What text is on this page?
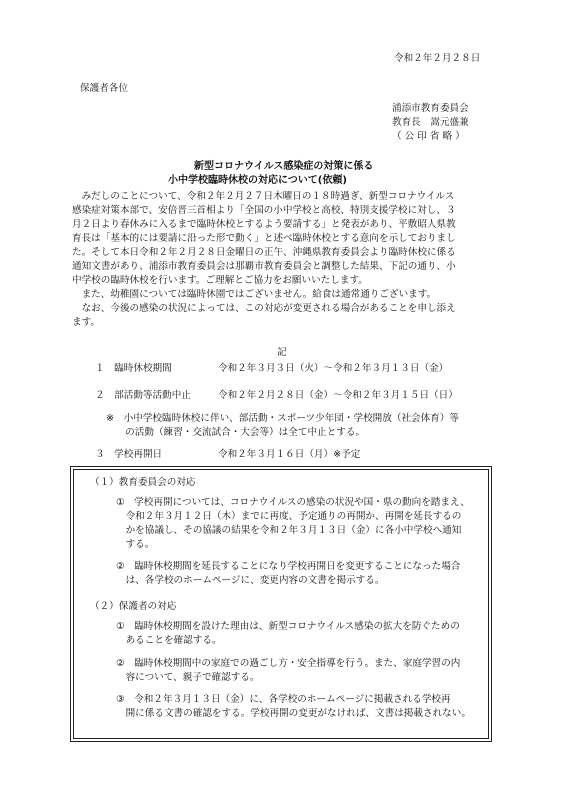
令和２年２月２８日
保護者各位
浦添市教育委員会
教育長　嵩元盛兼
（ 公 印 省 略 ）
新型コロナウイルス感染症の対策に係る
小中学校臨時休校の対応について(依頼)
　みだしのことについて、令和２年２月２７日木曜日の１８時過ぎ、新型コロナウイルス
感染症対策本部で、安倍晋三首相より「全国の小中学校と高校、特別支援学校に対し、３
月２日より春休みに入るまで臨時休校とするよう要請する」と発表があり、平敷昭人県教
育長は「基本的には要請に沿った形で動く」と述べ臨時休校とする意向を示しておりまし
た。そして本日令和２年２月２８日金曜日の正午、沖縄県教育委員会より臨時休校に係る
通知文書があり、浦添市教育委員会は那覇市教育委員会と調整した結果、下記の通り、小
中学校の臨時休校を行います。ご理解とご協力をお願いいたします。
　また、幼稚園については臨時休園ではございません。給食は通常通りございます。
　なお、今後の感染の状況によっては、この対応が変更される場合があることを申し添え
ます。
記
１　臨時休校期間	令和２年３月３日（火）～令和２年３月１３日（金）
２　部活動等活動中止	令和２年２月２８日（金）～令和２年３月１５日（日）
※　小中学校臨時休校に伴い、部活動・スポーツ少年団・学校開放（社会体育）等
　　の活動（練習・交流試合・大会等）は全て中止とする。
３　学校再開日	令和２年３月１６日（月）※予定
（１）教育委員会の対応
①　学校再開については、コロナウイルスの感染の状況や国・県の動向を踏まえ、
　令和２年３月１２日（木）までに再度、予定通りの再開か、再開を延長するの
　かを協議し、その協議の結果を令和２年３月１３日（金）に各小中学校へ通知
　する。
②　臨時休校期間を延長することになり学校再開日を変更することになった場合
　は、各学校のホームページに、変更内容の文書を掲示する。
（２）保護者の対応
①　臨時休校期間を設けた理由は、新型コロナウイルス感染の拡大を防ぐための
　あることを確認する。
②　臨時休校期間中の家庭での過ごし方・安全指導を行う。また、家庭学習の内
　容について、親子で確認する。
③　令和２年３月１３日（金）に、各学校のホームページに掲載される学校再
　開に係る文書の確認をする。学校再開の変更がなければ、文書は掲載されない。
